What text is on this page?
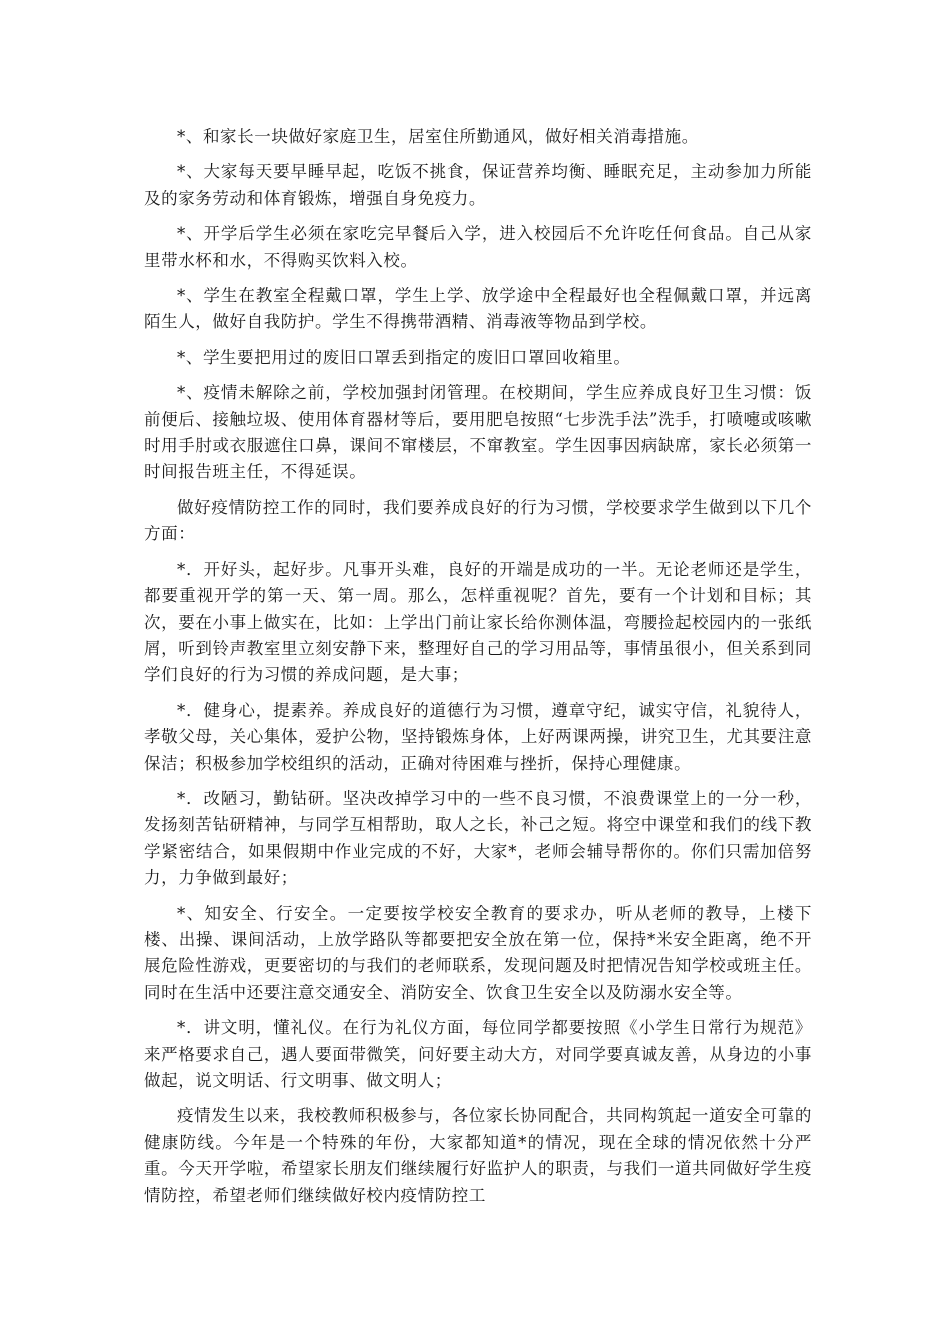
*、和家长一块做好家庭卫生，居室住所勤通风，做好相关消毒措施。

*、大家每天要早睡早起，吃饭不挑食，保证营养均衡、睡眠充足，主动参加力所能及的家务劳动和体育锻炼，增强自身免疫力。

*、开学后学生必须在家吃完早餐后入学，进入校园后不允许吃任何食品。自己从家里带水杯和水，不得购买饮料入校。

*、学生在教室全程戴口罩，学生上学、放学途中全程最好也全程佩戴口罩，并远离陌生人，做好自我防护。学生不得携带酒精、消毒液等物品到学校。

*、学生要把用过的废旧口罩丢到指定的废旧口罩回收箱里。

*、疫情未解除之前，学校加强封闭管理。在校期间，学生应养成良好卫生习惯：饭前便后、接触垃圾、使用体育器材等后，要用肥皂按照“七步洗手法”洗手，打喷嚏或咳嗽时用手肘或衣服遮住口鼻，课间不窜楼层，不窜教室。学生因事因病缺席，家长必须第一时间报告班主任，不得延误。

做好疫情防控工作的同时，我们要养成良好的行为习惯，学校要求学生做到以下几个方面：

*．开好头，起好步。凡事开头难，良好的开端是成功的一半。无论老师还是学生，都要重视开学的第一天、第一周。那么，怎样重视呢？首先，要有一个计划和目标；其次，要在小事上做实在，比如：上学出门前让家长给你测体温，弯腰捡起校园内的一张纸屑，听到铃声教室里立刻安静下来，整理好自己的学习用品等，事情虽很小，但关系到同学们良好的行为习惯的养成问题，是大事；

*．健身心，提素养。养成良好的道德行为习惯，遵章守纪，诚实守信，礼貌待人，孝敬父母，关心集体，爱护公物，坚持锻炼身体，上好两课两操，讲究卫生，尤其要注意保洁；积极参加学校组织的活动，正确对待困难与挫折，保持心理健康。

*．改陋习，勤钻研。坚决改掉学习中的一些不良习惯，不浪费课堂上的一分一秒，发扬刻苦钻研精神，与同学互相帮助，取人之长，补己之短。将空中课堂和我们的线下教学紧密结合，如果假期中作业完成的不好，大家*，老师会辅导帮你的。你们只需加倍努力，力争做到最好；

*、知安全、行安全。一定要按学校安全教育的要求办，听从老师的教导，上楼下楼、出操、课间活动，上放学路队等都要把安全放在第一位，保持*米安全距离，绝不开展危险性游戏，更要密切的与我们的老师联系，发现问题及时把情况告知学校或班主任。同时在生活中还要注意交通安全、消防安全、饮食卫生安全以及防溺水安全等。

*．讲文明，懂礼仪。在行为礼仪方面，每位同学都要按照《小学生日常行为规范》来严格要求自己，遇人要面带微笑，问好要主动大方，对同学要真诚友善，从身边的小事做起，说文明话、行文明事、做文明人；

疫情发生以来，我校教师积极参与，各位家长协同配合，共同构筑起一道安全可靠的健康防线。今年是一个特殊的年份，大家都知道*的情况，现在全球的情况依然十分严重。今天开学啦，希望家长朋友们继续履行好监护人的职责，与我们一道共同做好学生疫情防控，希望老师们继续做好校内疫情防控工
